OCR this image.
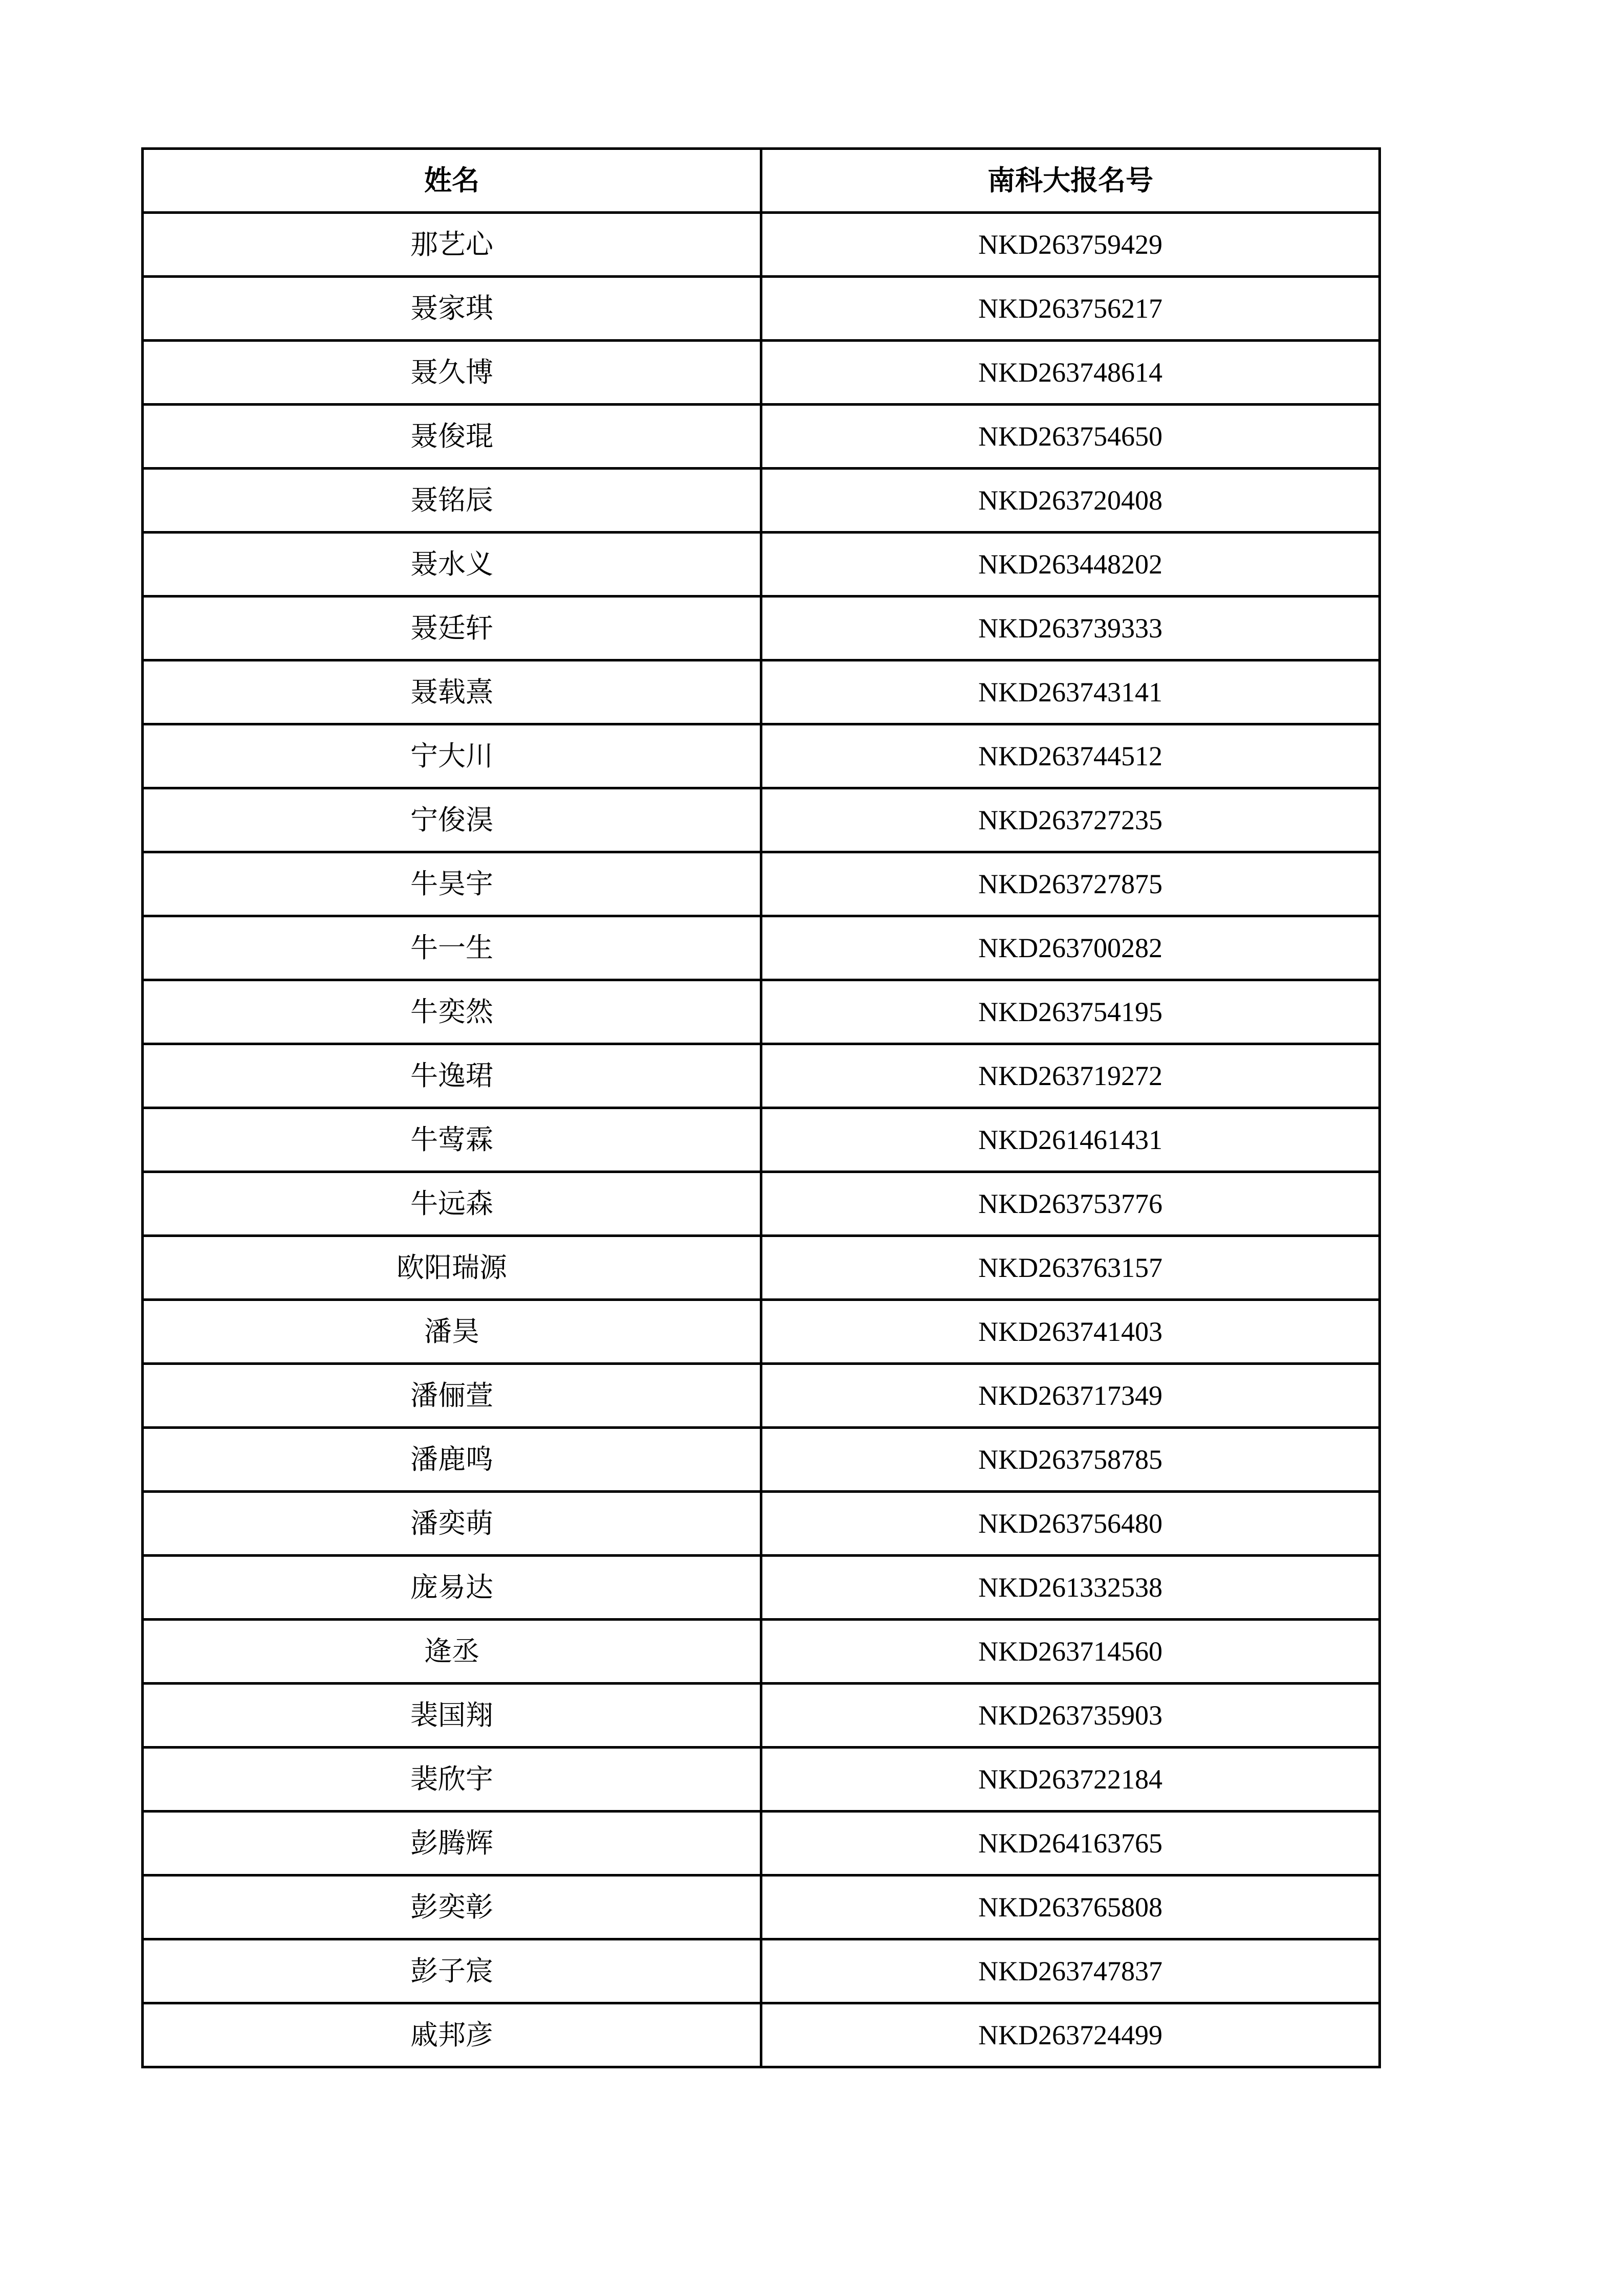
姓名	南科大报名号
那艺心	NKD263759429
聂家琪	NKD263756217
聂久博	NKD263748614
聂俊琨	NKD263754650
聂铭辰	NKD263720408
聂水义	NKD263448202
聂廷轩	NKD263739333
聂载熹	NKD263743141
宁大川	NKD263744512
宁俊淏	NKD263727235
牛昊宇	NKD263727875
牛一生	NKD263700282
牛奕然	NKD263754195
牛逸珺	NKD263719272
牛莺霖	NKD261461431
牛远森	NKD263753776
欧阳瑞源	NKD263763157
潘昊	NKD263741403
潘俪萱	NKD263717349
潘鹿鸣	NKD263758785
潘奕萌	NKD263756480
庞易达	NKD261332538
逄丞	NKD263714560
裴国翔	NKD263735903
裴欣宇	NKD263722184
彭腾辉	NKD264163765
彭奕彰	NKD263765808
彭子宸	NKD263747837
戚邦彦	NKD263724499
